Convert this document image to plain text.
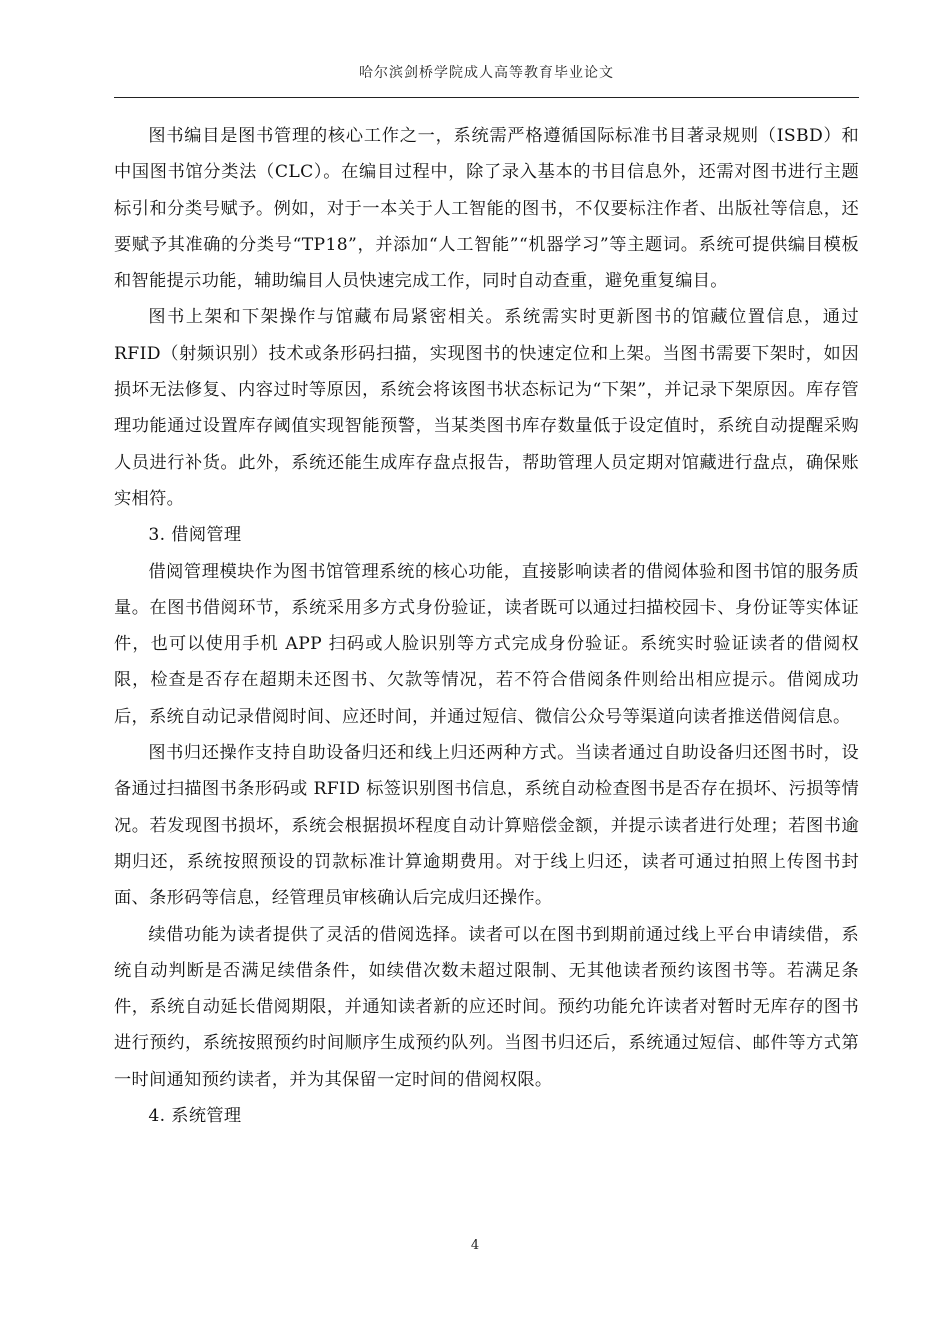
哈尔滨剑桥学院成人高等教育毕业论文

图书编目是图书管理的核心工作之一，系统需严格遵循国际标准书目著录规则（ISBD）和中国图书馆分类法（CLC）。在编目过程中，除了录入基本的书目信息外，还需对图书进行主题标引和分类号赋予。例如，对于一本关于人工智能的图书，不仅要标注作者、出版社等信息，还要赋予其准确的分类号“TP18”，并添加“人工智能”“机器学习”等主题词。系统可提供编目模板和智能提示功能，辅助编目人员快速完成工作，同时自动查重，避免重复编目。

图书上架和下架操作与馆藏布局紧密相关。系统需实时更新图书的馆藏位置信息，通过 RFID（射频识别）技术或条形码扫描，实现图书的快速定位和上架。当图书需要下架时，如因损坏无法修复、内容过时等原因，系统会将该图书状态标记为“下架”，并记录下架原因。库存管理功能通过设置库存阈值实现智能预警，当某类图书库存数量低于设定值时，系统自动提醒采购人员进行补货。此外，系统还能生成库存盘点报告，帮助管理人员定期对馆藏进行盘点，确保账实相符。

3. 借阅管理

借阅管理模块作为图书馆管理系统的核心功能，直接影响读者的借阅体验和图书馆的服务质量。在图书借阅环节，系统采用多方式身份验证，读者既可以通过扫描校园卡、身份证等实体证件，也可以使用手机 APP 扫码或人脸识别等方式完成身份验证。系统实时验证读者的借阅权限，检查是否存在超期未还图书、欠款等情况，若不符合借阅条件则给出相应提示。借阅成功后，系统自动记录借阅时间、应还时间，并通过短信、微信公众号等渠道向读者推送借阅信息。

图书归还操作支持自助设备归还和线上归还两种方式。当读者通过自助设备归还图书时，设备通过扫描图书条形码或 RFID 标签识别图书信息，系统自动检查图书是否存在损坏、污损等情况。若发现图书损坏，系统会根据损坏程度自动计算赔偿金额，并提示读者进行处理；若图书逾期归还，系统按照预设的罚款标准计算逾期费用。对于线上归还，读者可通过拍照上传图书封面、条形码等信息，经管理员审核确认后完成归还操作。

续借功能为读者提供了灵活的借阅选择。读者可以在图书到期前通过线上平台申请续借，系统自动判断是否满足续借条件，如续借次数未超过限制、无其他读者预约该图书等。若满足条件，系统自动延长借阅期限，并通知读者新的应还时间。预约功能允许读者对暂时无库存的图书进行预约，系统按照预约时间顺序生成预约队列。当图书归还后，系统通过短信、邮件等方式第一时间通知预约读者，并为其保留一定时间的借阅权限。

4. 系统管理

4
